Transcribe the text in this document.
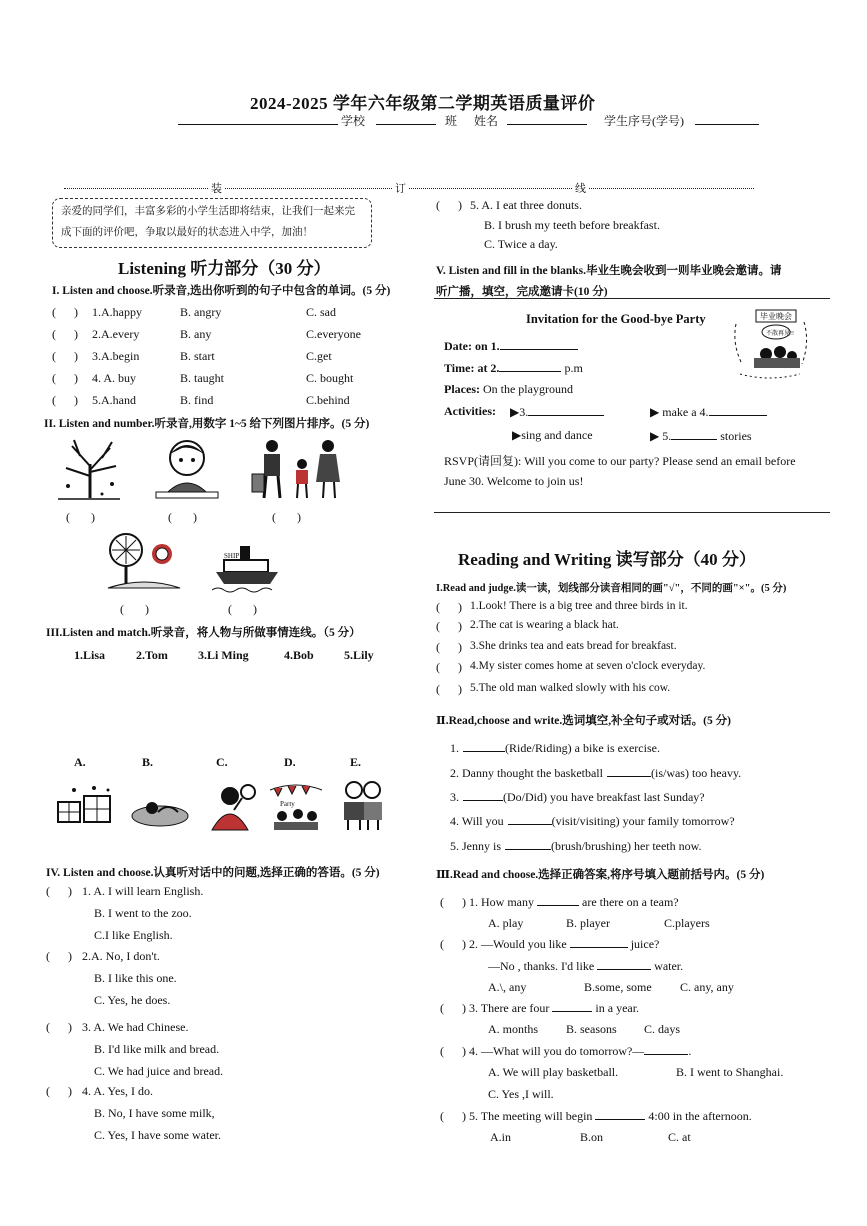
2024-2025 学年六年级第二学期英语质量评价
学校	班 姓名	学生序号(学号)
装	订	线
亲爱的同学们，丰富多彩的小学生活即将结束，让我们一起来完成下面的评价吧，争取以最好的状态进入中学，加油！
Listening 听力部分（30 分）
I. Listen and choose.听录音,选出你听到的句子中包含的单词。(5 分)
(      ) 1.A.happy	B. angry	C. sad
(      ) 2.A.every	B. any	C.everyone
(      ) 3.A.begin	B. start	C.get
(      ) 4. A. buy	B. taught	C. bought
(      ) 5.A.hand	B. find	C.behind
II. Listen and number.听录音,用数字 1~5 给下列图片排序。(5 分)
(       )	(       )	(       )
SHIP
(       )	(       )
III.Listen and match.听录音，将人物与所做事情连线。（5 分）
1.Lisa	2.Tom	3.Li Ming	4.Bob	5.Lily
A.	B.	C.	D.	E.
Party
IV. Listen and choose.认真听对话中的问题,选择正确的答语。(5 分)
(      ) 1. A. I will learn English.
B. I went to the zoo.
C.I like English.
(      ) 2.A. No, I don't.
B. I like this one.
C. Yes, he does.
(      ) 3. A. We had Chinese.
B. I'd like milk and bread.
C. We had juice and bread.
(      ) 4. A. Yes, I do.
B. No, I have some milk,
C. Yes, I have some water.
(      ) 5. A. I eat three donuts.
B. I brush my teeth before breakfast.
C. Twice a day.
V. Listen and fill in the blanks.毕业生晚会收到一则毕业晚会邀请。请
听广播，填空，完成邀请卡(10 分)
Invitation for the Good-bye Party	毕业晚会
不散再见!!
Date: on 1.
Time: at 2.	p.m
Places: On the playground
Activities: ▶3.	▶ make a 4.
▶sing and dance	▶ 5.	stories
RSVP(请回复): Will you come to our party? Please send an email before
June 30. Welcome to join us!
Reading and Writing 读写部分（40 分）
I.Read and judge.读一读，划线部分读音相同的画"√"，不同的画"×"。(5 分)
(      ) 1.Look! There is a big tree and three birds in it.
(      ) 2.The cat is wearing a black hat.
(      ) 3.She drinks tea and eats bread for breakfast.
(      ) 4.My sister comes home at seven o'clock everyday.
(      ) 5.The old man walked slowly with his cow.
Ⅱ.Read,choose and write.选词填空,补全句子或对话。(5 分)
1.	(Ride/Riding) a bike is exercise.
2. Danny thought the basketball	(is/was) too heavy.
3.	(Do/Did) you have breakfast last Sunday?
4. Will you	(visit/visiting) your family tomorrow?
5. Jenny is	(brush/brushing) her teeth now.
Ⅲ.Read and choose.选择正确答案,将序号填入题前括号内。(5 分)
(      ) 1. How many	are there on a team?
A. play	B. player	C.players
(      ) 2. —Would you like	juice?
—No , thanks. I'd like	water.
A.\, any	B.some, some C. any, any
(      ) 3. There are four	in a year.
A. months B. seasons C. days
(      ) 4. —What will you do tomorrow?—	.
A. We will play basketball.	B. I went to Shanghai.
C. Yes ,I will.
(      ) 5. The meeting will begin	4:00 in the afternoon.
A.in	B.on	C. at
